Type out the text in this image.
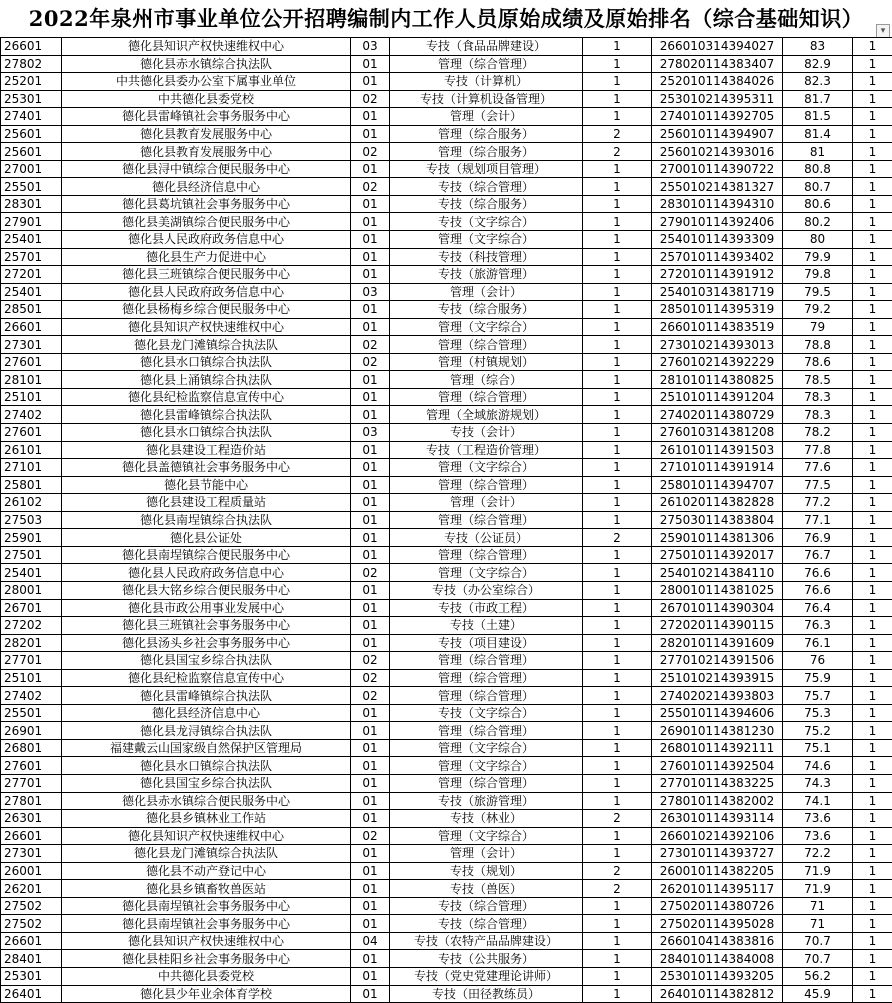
2022年泉州市事业单位公开招聘编制内工作人员原始成绩及原始排名（综合基础知识）	▾
26601	德化县知识产权快速维权中心	03	专技（食品品牌建设）	1	266010314394027	83	1
27802	德化县赤水镇综合执法队	01	管理（综合管理）	1	278020114383407	82.9	1
25201	中共德化县委办公室下属事业单位	01	专技（计算机）	1	252010114384026	82.3	1
25301	中共德化县委党校	02	专技（计算机设备管理）	1	253010214395311	81.7	1
27401	德化县雷峰镇社会事务服务中心	01	管理（会计）	1	274010114392705	81.5	1
25601	德化县教育发展服务中心	01	管理（综合服务）	2	256010114394907	81.4	1
25601	德化县教育发展服务中心	02	管理（综合服务）	2	256010214393016	81	1
27001	德化县浔中镇综合便民服务中心	01	专技（规划项目管理）	1	270010114390722	80.8	1
25501	德化县经济信息中心	02	专技（综合管理）	1	255010214381327	80.7	1
28301	德化县葛坑镇社会事务服务中心	01	专技（综合服务）	1	283010114394310	80.6	1
27901	德化县美湖镇综合便民服务中心	01	专技（文字综合）	1	279010114392406	80.2	1
25401	德化县人民政府政务信息中心	01	管理（文字综合）	1	254010114393309	80	1
25701	德化县生产力促进中心	01	专技（科技管理）	1	257010114393402	79.9	1
27201	德化县三班镇综合便民服务中心	01	专技（旅游管理）	1	272010114391912	79.8	1
25401	德化县人民政府政务信息中心	03	管理（会计）	1	254010314381719	79.5	1
28501	德化县杨梅乡综合便民服务中心	01	专技（综合服务）	1	285010114395319	79.2	1
26601	德化县知识产权快速维权中心	01	管理（文字综合）	1	266010114383519	79	1
27301	德化县龙门滩镇综合执法队	02	管理（综合管理）	1	273010214393013	78.8	1
27601	德化县水口镇综合执法队	02	管理（村镇规划）	1	276010214392229	78.6	1
28101	德化县上涌镇综合执法队	01	管理（综合）	1	281010114380825	78.5	1
25101	德化县纪检监察信息宣传中心	01	管理（综合管理）	1	251010114391204	78.3	1
27402	德化县雷峰镇综合执法队	01	管理（全域旅游规划）	1	274020114380729	78.3	1
27601	德化县水口镇综合执法队	03	专技（会计）	1	276010314381208	78.2	1
26101	德化县建设工程造价站	01	专技（工程造价管理）	1	261010114391503	77.8	1
27101	德化县盖德镇社会事务服务中心	01	管理（文字综合）	1	271010114391914	77.6	1
25801	德化县节能中心	01	管理（综合管理）	1	258010114394707	77.5	1
26102	德化县建设工程质量站	01	管理（会计）	1	261020114382828	77.2	1
27503	德化县南埕镇综合执法队	01	管理（综合管理）	1	275030114383804	77.1	1
25901	德化县公证处	01	专技（公证员）	2	259010114381306	76.9	1
27501	德化县南埕镇综合便民服务中心	01	管理（综合管理）	1	275010114392017	76.7	1
25401	德化县人民政府政务信息中心	02	管理（文字综合）	1	254010214384110	76.6	1
28001	德化县大铭乡综合便民服务中心	01	专技（办公室综合）	1	280010114381025	76.6	1
26701	德化县市政公用事业发展中心	01	专技（市政工程）	1	267010114390304	76.4	1
27202	德化县三班镇社会事务服务中心	01	专技（土建）	1	272020114390115	76.3	1
28201	德化县汤头乡社会事务服务中心	01	专技（项目建设）	1	282010114391609	76.1	1
27701	德化县国宝乡综合执法队	02	管理（综合管理）	1	277010214391506	76	1
25101	德化县纪检监察信息宣传中心	02	管理（综合管理）	1	251010214393915	75.9	1
27402	德化县雷峰镇综合执法队	02	管理（综合管理）	1	274020214393803	75.7	1
25501	德化县经济信息中心	01	专技（文字综合）	1	255010114394606	75.3	1
26901	德化县龙浔镇综合执法队	01	管理（综合管理）	1	269010114381230	75.2	1
26801	福建戴云山国家级自然保护区管理局	01	管理（文字综合）	1	268010114392111	75.1	1
27601	德化县水口镇综合执法队	01	管理（文字综合）	1	276010114392504	74.6	1
27701	德化县国宝乡综合执法队	01	管理（综合管理）	1	277010114383225	74.3	1
27801	德化县赤水镇综合便民服务中心	01	专技（旅游管理）	1	278010114382002	74.1	1
26301	德化县乡镇林业工作站	01	专技（林业）	2	263010114393114	73.6	1
26601	德化县知识产权快速维权中心	02	管理（文字综合）	1	266010214392106	73.6	1
27301	德化县龙门滩镇综合执法队	01	管理（会计）	1	273010114393727	72.2	1
26001	德化县不动产登记中心	01	专技（规划）	2	260010114382205	71.9	1
26201	德化县乡镇畜牧兽医站	01	专技（兽医）	2	262010114395117	71.9	1
27502	德化县南埕镇社会事务服务中心	01	专技（综合管理）	1	275020114380726	71	1
27502	德化县南埕镇社会事务服务中心	01	专技（综合管理）	1	275020114395028	71	1
26601	德化县知识产权快速维权中心	04	专技（农特产品品牌建设）	1	266010414383816	70.7	1
28401	德化县桂阳乡社会事务服务中心	01	专技（公共服务）	1	284010114384008	70.7	1
25301	中共德化县委党校	01	专技（党史党建理论讲师）	1	253010114393205	56.2	1
26401	德化县少年业余体育学校	01	专技（田径教练员）	1	264010114382812	45.9	1
